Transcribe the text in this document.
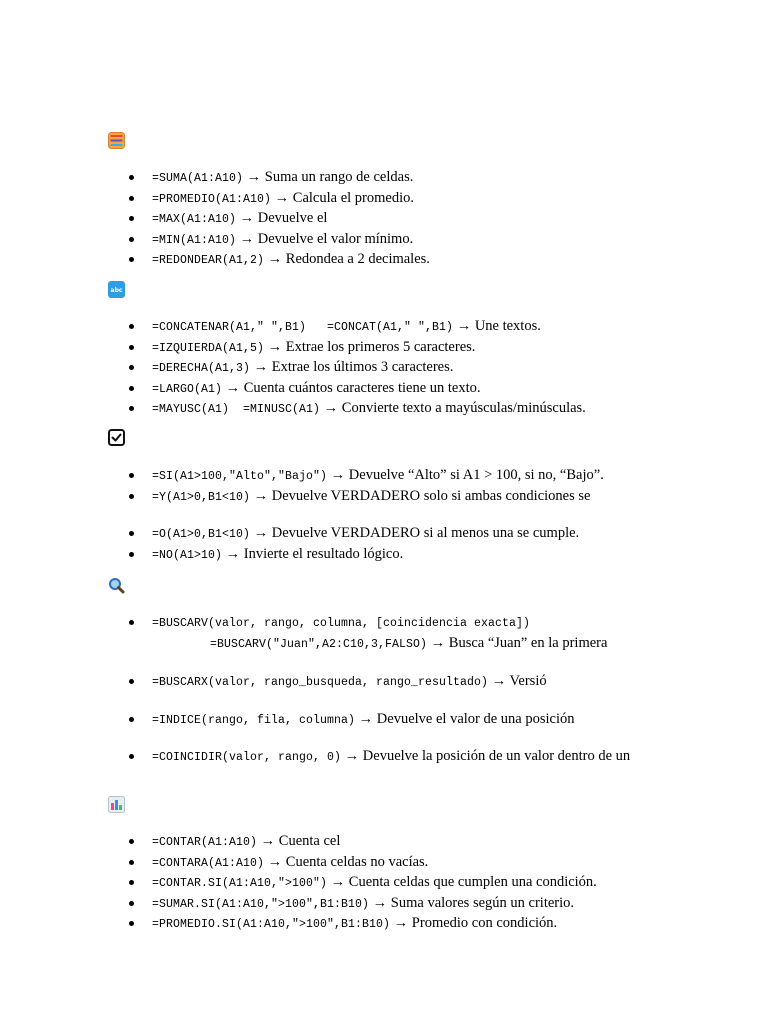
=SUMA(A1:A10) → Suma un rango de celdas.
=PROMEDIO(A1:A10) → Calcula el promedio.
=MAX(A1:A10) → Devuelve el
=MIN(A1:A10) → Devuelve el valor mínimo.
=REDONDEAR(A1,2) → Redondea a 2 decimales.
abc
=CONCATENAR(A1," ",B1)   =CONCAT(A1," ",B1) → Une textos.
=IZQUIERDA(A1,5) → Extrae los primeros 5 caracteres.
=DERECHA(A1,3) → Extrae los últimos 3 caracteres.
=LARGO(A1) → Cuenta cuántos caracteres tiene un texto.
=MAYUSC(A1)  =MINUSC(A1) → Convierte texto a mayúsculas/minúsculas.
=SI(A1>100,"Alto","Bajo") → Devuelve “Alto” si A1 > 100, si no, “Bajo”.
=Y(A1>0,B1<10) → Devuelve VERDADERO solo si ambas condiciones se
=O(A1>0,B1<10) → Devuelve VERDADERO si al menos una se cumple.
=NO(A1>10) → Invierte el resultado lógico.
=BUSCARV(valor, rango, columna, [coincidencia exacta])
=BUSCARV("Juan",A2:C10,3,FALSO) → Busca “Juan” en la primera
=BUSCARX(valor, rango_busqueda, rango_resultado) → Versió
=INDICE(rango, fila, columna) → Devuelve el valor de una posición
=COINCIDIR(valor, rango, 0) → Devuelve la posición de un valor dentro de un
=CONTAR(A1:A10) → Cuenta cel
=CONTARA(A1:A10) → Cuenta celdas no vacías.
=CONTAR.SI(A1:A10,">100") → Cuenta celdas que cumplen una condición.
=SUMAR.SI(A1:A10,">100",B1:B10) → Suma valores según un criterio.
=PROMEDIO.SI(A1:A10,">100",B1:B10) → Promedio con condición.
